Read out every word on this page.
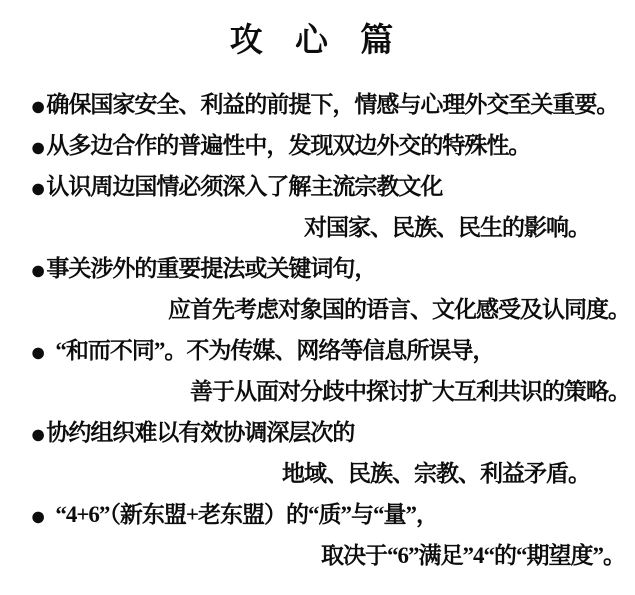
攻 心 篇
●确保国家安全、利益的前提下，情感与心理外交至关重要。
●从多边合作的普遍性中，发现双边外交的特殊性。
●认识周边国情必须深入了解主流宗教文化
对国家、民族、民生的影响。
●事关涉外的重要提法或关键词句，
应首先考虑对象国的语言、文化感受及认同度。
● “和而不同”。不为传媒、网络等信息所误导，
善于从面对分歧中探讨扩大互利共识的策略。
●协约组织难以有效协调深层次的
地域、民族、宗教、利益矛盾。
● “4+6”（新东盟+老东盟）的“质”与“量”，
取决于“6”满足”4“的“期望度”。
